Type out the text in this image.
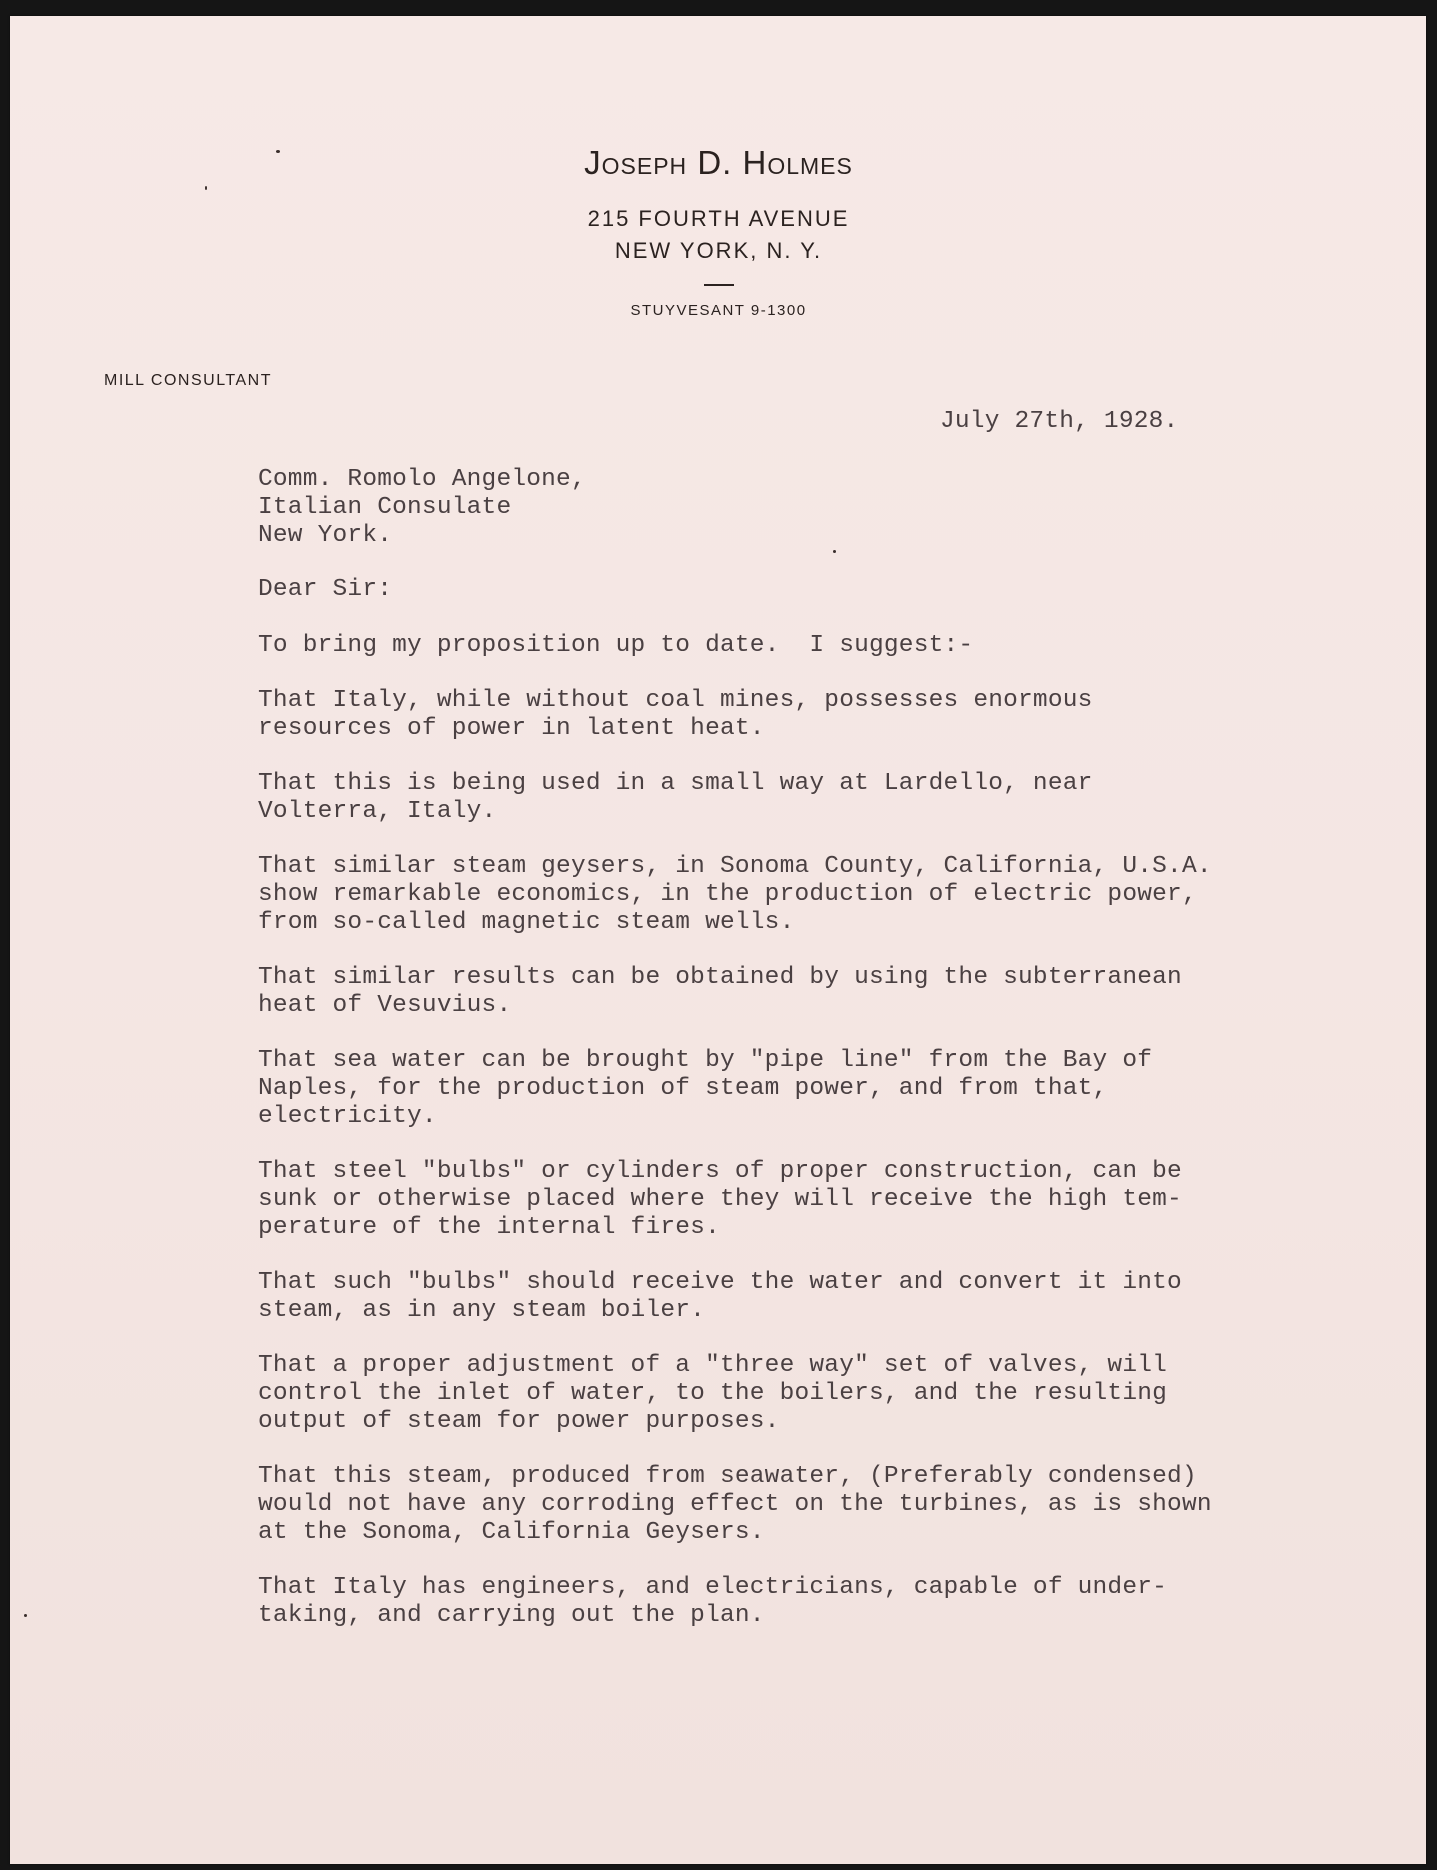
Joseph D. Holmes
215 FOURTH AVENUE
NEW YORK, N. Y.
STUYVESANT 9-1300
MILL CONSULTANT
July 27th, 1928.
Comm. Romolo Angelone,
Italian Consulate
New York.
Dear Sir:
To bring my proposition up to date.  I suggest:-
That Italy, while without coal mines, possesses enormous
resources of power in latent heat.
That this is being used in a small way at Lardello, near
Volterra, Italy.
That similar steam geysers, in Sonoma County, California, U.S.A.
show remarkable economics, in the production of electric power,
from so-called magnetic steam wells.
That similar results can be obtained by using the subterranean
heat of Vesuvius.
That sea water can be brought by "pipe line" from the Bay of
Naples, for the production of steam power, and from that,
electricity.
That steel "bulbs" or cylinders of proper construction, can be
sunk or otherwise placed where they will receive the high tem-
perature of the internal fires.
That such "bulbs" should receive the water and convert it into
steam, as in any steam boiler.
That a proper adjustment of a "three way" set of valves, will
control the inlet of water, to the boilers, and the resulting
output of steam for power purposes.
That this steam, produced from seawater, (Preferably condensed)
would not have any corroding effect on the turbines, as is shown
at the Sonoma, California Geysers.
That Italy has engineers, and electricians, capable of under-
taking, and carrying out the plan.
